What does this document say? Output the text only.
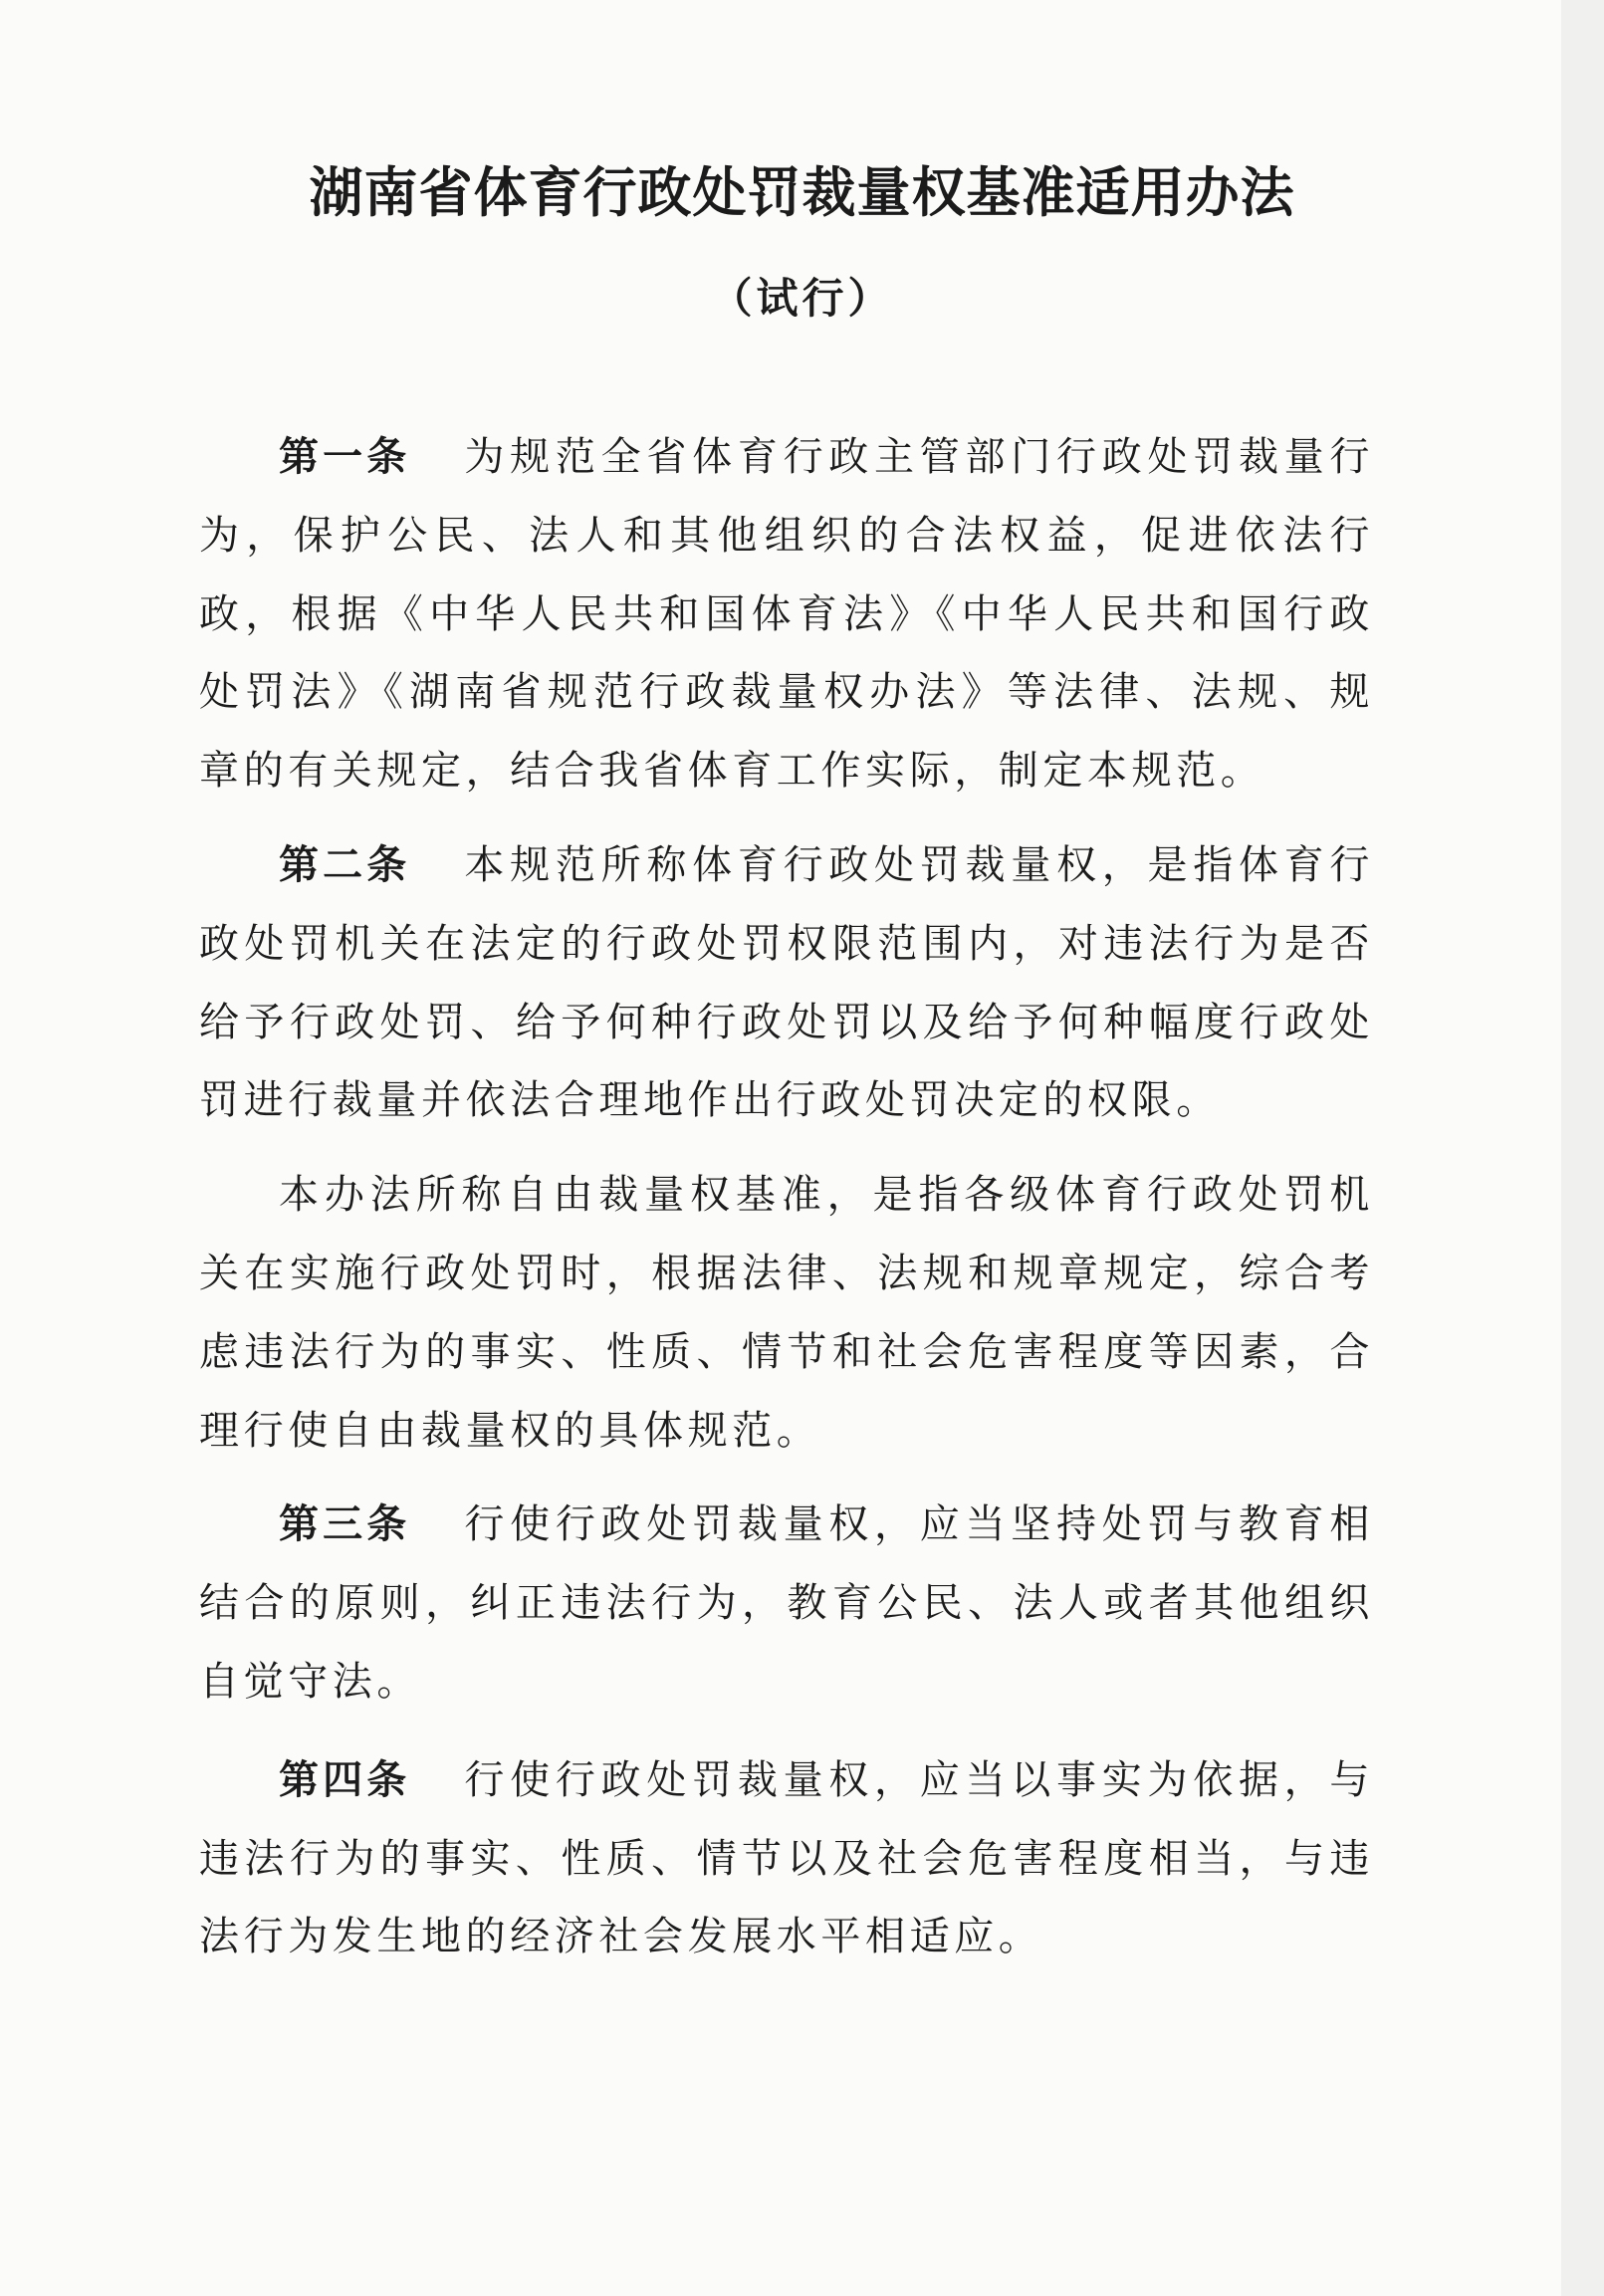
湖南省体育行政处罚裁量权基准适用办法
（试行）

第一条 为规范全省体育行政主管部门行政处罚裁量行为，保护公民、法人和其他组织的合法权益，促进依法行政，根据《中华人民共和国体育法》《中华人民共和国行政处罚法》《湖南省规范行政裁量权办法》等法律、法规、规章的有关规定，结合我省体育工作实际，制定本规范。

第二条 本规范所称体育行政处罚裁量权，是指体育行政处罚机关在法定的行政处罚权限范围内，对违法行为是否给予行政处罚、给予何种行政处罚以及给予何种幅度行政处罚进行裁量并依法合理地作出行政处罚决定的权限。

本办法所称自由裁量权基准，是指各级体育行政处罚机关在实施行政处罚时，根据法律、法规和规章规定，综合考虑违法行为的事实、性质、情节和社会危害程度等因素，合理行使自由裁量权的具体规范。

第三条 行使行政处罚裁量权，应当坚持处罚与教育相结合的原则，纠正违法行为，教育公民、法人或者其他组织自觉守法。

第四条 行使行政处罚裁量权，应当以事实为依据，与违法行为的事实、性质、情节以及社会危害程度相当，与违法行为发生地的经济社会发展水平相适应。
